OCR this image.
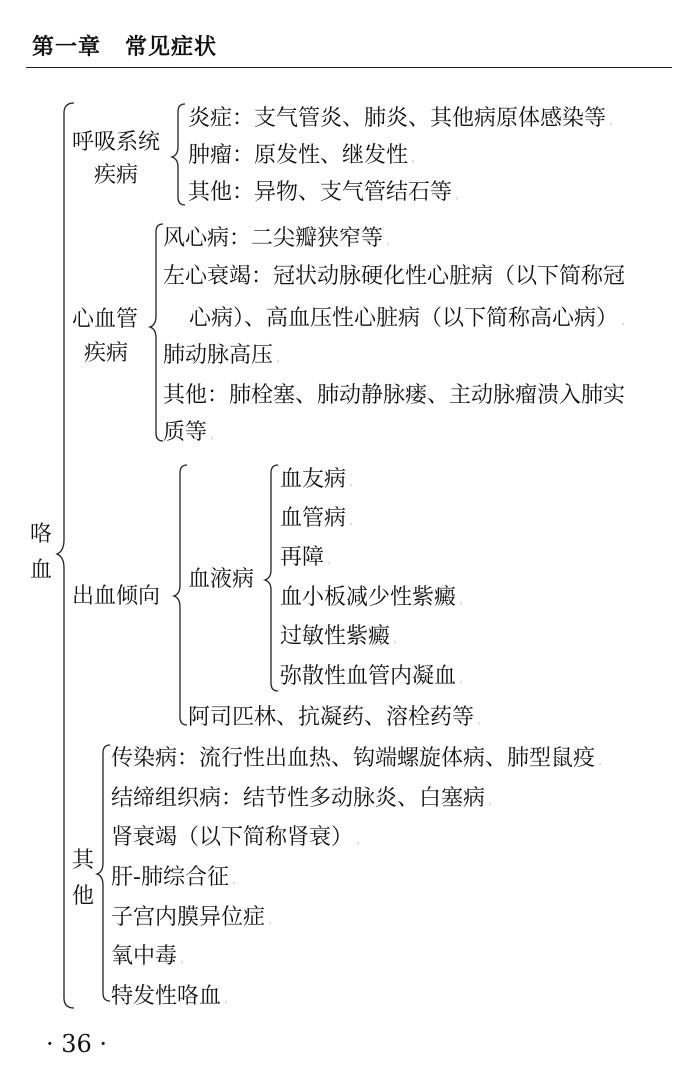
第一章 常见症状
咯血
呼吸系统
疾病
炎症：支气管炎、肺炎、其他病原体感染等 ◦
肿瘤：原发性、继发性 ◦
其他：异物、支气管结石等 ◦
心血管
疾病
风心病：二尖瓣狭窄等 ◦
左心衰竭：冠状动脉硬化性心脏病（以下简称冠
心病）、高血压性心脏病（以下简称高心病） ◦
肺动脉高压 ◦
其他：肺栓塞、肺动静脉瘘、主动脉瘤溃入肺实
质等 ◦
出血倾向
血液病
血友病 ◦
血管病 ◦
再障 ◦
血小板减少性紫癜 ◦
过敏性紫癜 ◦
弥散性血管内凝血 ◦
阿司匹林、抗凝药、溶栓药等 ◦
其他
传染病：流行性出血热、钩端螺旋体病、肺型鼠疫 ◦
结缔组织病：结节性多动脉炎、白塞病 ◦
肾衰竭（以下简称肾衰） ◦
肝-肺综合征 ◦
子宫内膜异位症 ◦
氧中毒 ◦
特发性咯血 ◦
· 36 ·
